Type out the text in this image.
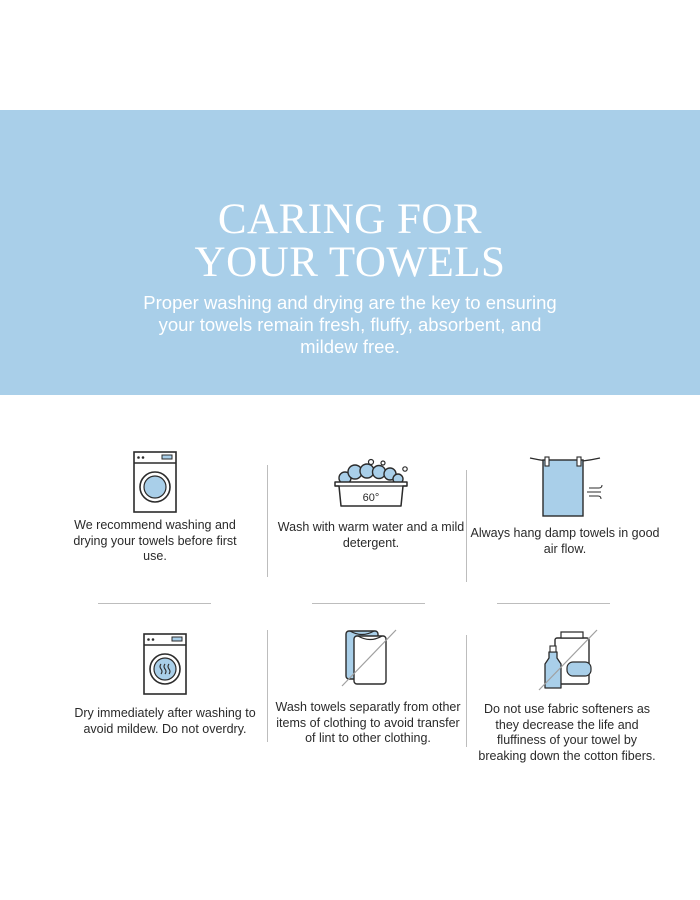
CARING FOR
YOUR TOWELS
Proper washing and drying are the key to ensuring your towels remain fresh, fluffy, absorbent, and mildew free.
We recommend washing and drying your towels before first use.
60°
Wash with warm water and a mild detergent.
Always hang damp towels in good air flow.
Dry immediately after washing to avoid mildew. Do not overdry.
Wash towels separatly from other items of clothing to avoid transfer of lint to other clothing.
Do not use fabric softeners as they decrease the life and fluffiness of your towel by breaking down the cotton fibers.
